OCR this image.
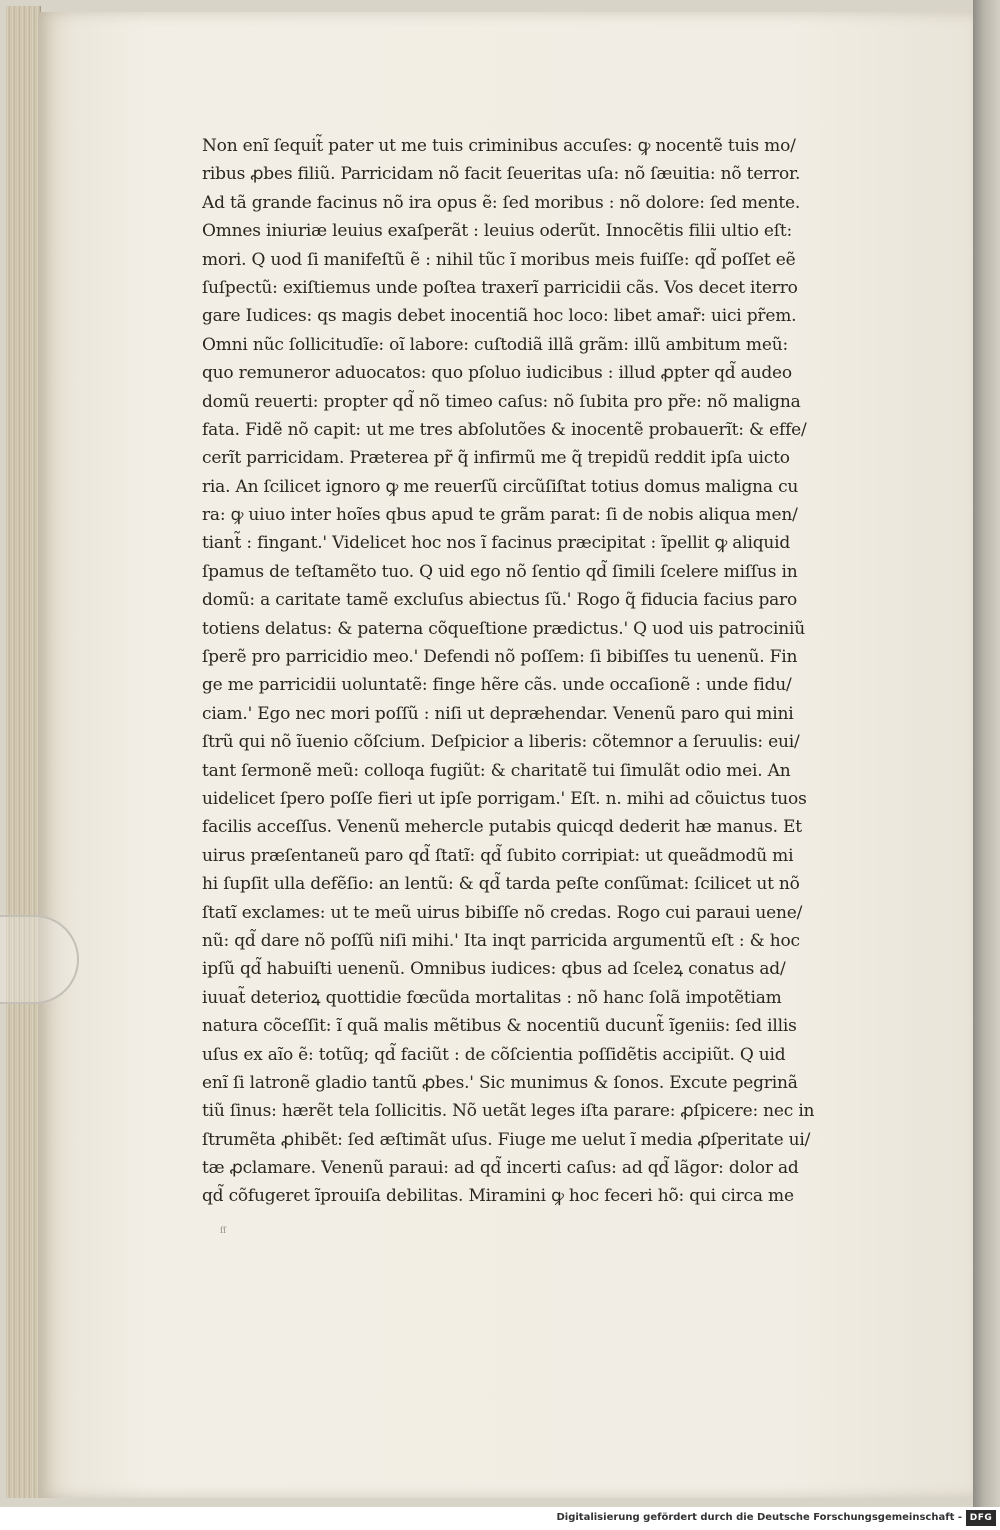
Non enĩ ſequit̃ pater ut me tuis criminibus accuſes: ꝙ nocentẽ tuis mo/
ribus ꝓbes filiũ. Parricidam nõ facit ſeueritas uſa: nõ ſæuitia: nõ terror.
Ad tã grande facinus nõ ira opus ẽ: ſed moribus : nõ dolore: ſed mente.
Omnes iniuriæ leuius exaſperãt : leuius oderũt. Innocẽtis filii ultio eſt:
mori. Q uod ſi manifeſtũ ẽ : nihil tũc ĩ moribus meis fuiſſe: qd̃ poſſet eẽ
ſuſpectũ: exiſtiemus unde poſtea traxerĩ parricidii cãs. Vos decet iterro
gare Iudices: qs magis debet inocentiã hoc loco: libet amar̃: uici pr̃em.
Omni nũc ſollicitudĩe: oĩ labore: cuſtodiã illã grãm: illũ ambitum meũ:
quo remuneror aduocatos: quo pſoluo iudicibus : illud ꝓpter qd̃ audeo
domũ reuerti: propter qd̃ nõ timeo caſus: nõ ſubita pro pr̃e: nõ maligna
fata. Fidẽ nõ capit: ut me tres abſolutões & inocentẽ probauerĩt: & effe/
cerĩt parricidam. Præterea pr̃ q̃ infirmũ me q̃ trepidũ reddit ipſa uicto
ria. An ſcilicet ignoro ꝙ me reuerſũ circũſiſtat totius domus maligna cu
ra: ꝙ uiuo inter hoĩes qbus apud te grãm parat: ſi de nobis aliqua men/
tiant̃ : fingant.' Videlicet hoc nos ĩ facinus præcipitat : ĩpellit ꝙ aliquid
ſpamus de teſtamẽto tuo. Q uid ego nõ ſentio qd̃ ſimili ſcelere miſſus in
domũ: a caritate tamẽ excluſus abiectus ſũ.' Rogo q̃ fiducia facius paro
totiens delatus: & paterna cõqueſtione prædictus.' Q uod uis patrociniũ
ſperẽ pro parricidio meo.' Defendi nõ poſſem: ſi bibiſſes tu uenenũ. Fin
ge me parricidii uoluntatẽ: finge hẽre cãs. unde occaſionẽ : unde fidu/
ciam.' Ego nec mori poſſũ : niſi ut depræhendar. Venenũ paro qui mini
ſtrũ qui nõ ĩuenio cõſcium. Deſpicior a liberis: cõtemnor a ſeruulis: eui/
tant ſermonẽ meũ: colloqa fugiũt: & charitatẽ tui ſimulãt odio mei. An
uidelicet ſpero poſſe fieri ut ipſe porrigam.' Eſt. n. mihi ad cõuictus tuos
facilis acceſſus. Venenũ mehercle putabis quicqd dederit hæ manus. Et
uirus præſentaneũ paro qd̃ ſtatĩ: qd̃ ſubito corripiat: ut queãdmodũ mi
hi ſupſit ulla defẽſio: an lentũ: & qd̃ tarda peſte conſũmat: ſcilicet ut nõ
ſtatĩ exclames: ut te meũ uirus bibiſſe nõ credas. Rogo cui paraui uene/
nũ: qd̃ dare nõ poſſũ niſi mihi.' Ita inqt parricida argumentũ eſt : & hoc
ipſũ qd̃ habuiſti uenenũ. Omnibus iudices: qbus ad ſceleꝝ conatus ad/
iuuat̃ deterioꝝ quottidie fœcũda mortalitas : nõ hanc ſolã impotẽtiam
natura cõceſſit: ĩ quã malis mẽtibus & nocentiũ ducunt̃ ĩgeniis: ſed illis
uſus ex aĩo ẽ: totũq; qd̃ faciũt : de cõſcientia poſſidẽtis accipiũt. Q uid
enĩ ſi latronẽ gladio tantũ ꝓbes.' Sic munimus & ſonos. Excute pegrinã
tiũ ſinus: hærẽt tela ſollicitis. Nõ uetãt leges iſta parare: ꝓſpicere: nec in
ſtrumẽta ꝓhibẽt: ſed æſtimãt uſus. Fiuge me uelut ĩ media ꝓſperitate ui/
tæ ꝓclamare. Venenũ paraui: ad qd̃ incerti caſus: ad qd̃ lãgor: dolor ad
qd̃ cõfugeret ĩprouiſa debilitas. Miramini ꝙ hoc feceri hõ: qui circa me
ſſ
Digitalisierung gefördert durch die Deutsche Forschungsgemeinschaft - DFG
